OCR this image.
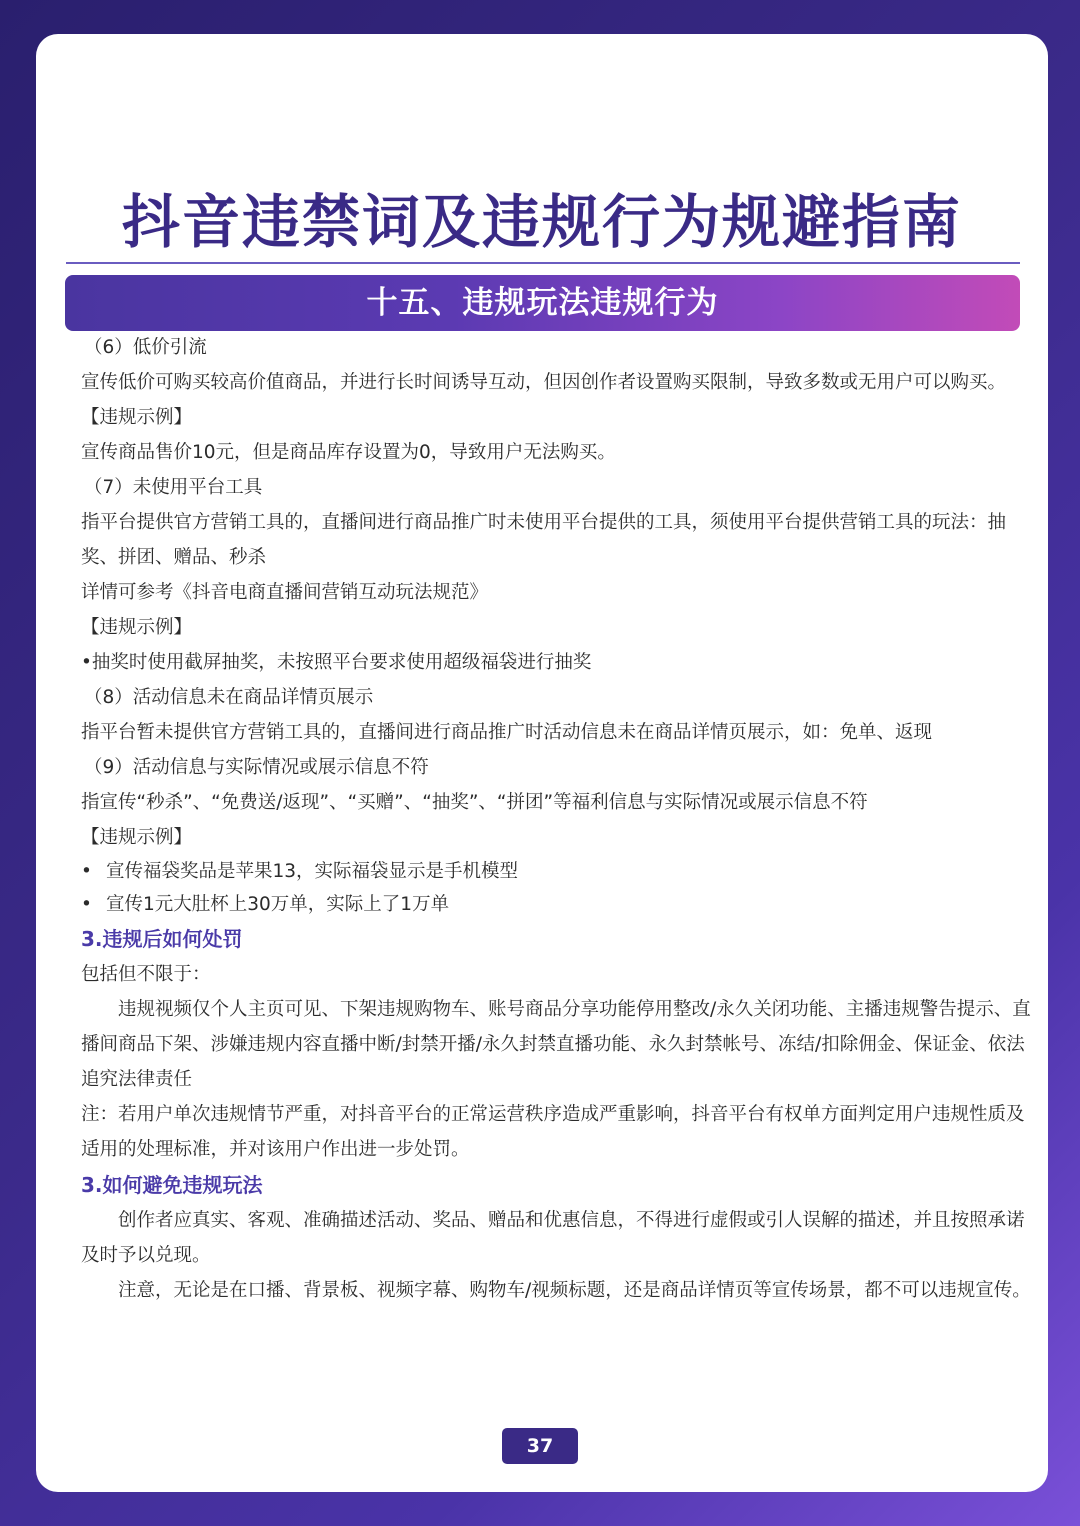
抖音违禁词及违规行为规避指南
十五、违规玩法违规行为

（6）低价引流

宣传低价可购买较高价值商品，并进行长时间诱导互动，但因创作者设置购买限制，导致多数或无用户可以购买。

【违规示例】

宣传商品售价10元，但是商品库存设置为0，导致用户无法购买。

（7）未使用平台工具

指平台提供官方营销工具的，直播间进行商品推广时未使用平台提供的工具，须使用平台提供营销工具的玩法：抽奖、拼团、赠品、秒杀

详情可参考《抖音电商直播间营销互动玩法规范》

【违规示例】

•抽奖时使用截屏抽奖，未按照平台要求使用超级福袋进行抽奖

（8）活动信息未在商品详情页展示

指平台暂未提供官方营销工具的，直播间进行商品推广时活动信息未在商品详情页展示，如：免单、返现

（9）活动信息与实际情况或展示信息不符

指宣传“秒杀”、“免费送/返现”、“买赠”、“抽奖”、“拼团”等福利信息与实际情况或展示信息不符

【违规示例】

• 宣传福袋奖品是苹果13，实际福袋显示是手机模型
• 宣传1元大肚杯上30万单，实际上了1万单

3.违规后如何处罚

包括但不限于：

违规视频仅个人主页可见、下架违规购物车、账号商品分享功能停用整改/永久关闭功能、主播违规警告提示、直播间商品下架、涉嫌违规内容直播中断/封禁开播/永久封禁直播功能、永久封禁帐号、冻结/扣除佣金、保证金、依法追究法律责任

注：若用户单次违规情节严重，对抖音平台的正常运营秩序造成严重影响，抖音平台有权单方面判定用户违规性质及适用的处理标准，并对该用户作出进一步处罚。

3.如何避免违规玩法

创作者应真实、客观、准确描述活动、奖品、赠品和优惠信息，不得进行虚假或引人误解的描述，并且按照承诺及时予以兑现。

注意，无论是在口播、背景板、视频字幕、购物车/视频标题，还是商品详情页等宣传场景，都不可以违规宣传。

37
